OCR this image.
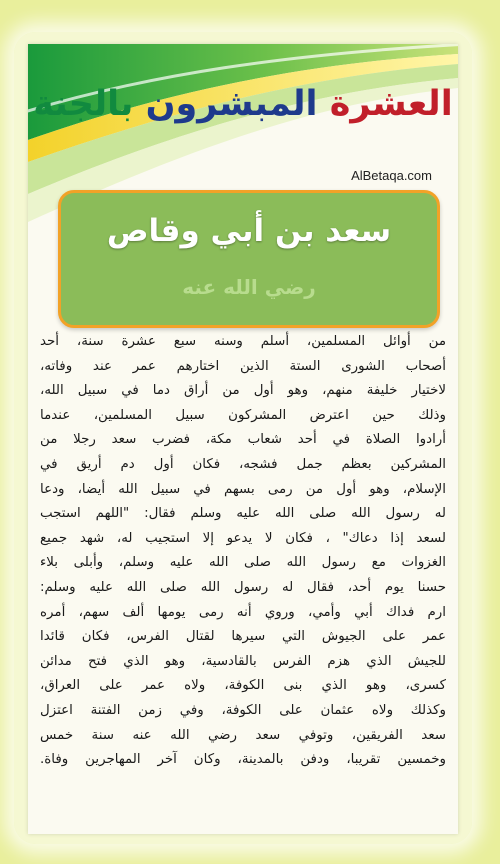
العشرة المبشرون بالجنة
AlBetaqa.com
سعد بن أبي وقاص
رضي الله عنه
من أوائل المسلمين، أسلم وسنه سبع عشرة سنة، أحد
أصحاب الشورى الستة الذين اختارهم عمر عند وفاته،
لاختيار خليفة منهم، وهو أول من أراق دما في سبيل الله،
وذلك حين اعترض المشركون سبيل المسلمين، عندما
أرادوا الصلاة في أحد شعاب مكة، فضرب سعد رجلا من
المشركين بعظم جمل فشجه، فكان أول دم أريق في
الإسلام، وهو أول من رمى بسهم في سبيل الله أيضا، ودعا
له رسول الله صلى الله عليه وسلم فقال: "اللهم استجب
لسعد إذا دعاك" ، فكان لا يدعو إلا استجيب له، شهد جميع
الغزوات مع رسول الله صلى الله عليه وسلم، وأبلى بلاء
حسنا يوم أحد، فقال له رسول الله صلى الله عليه وسلم:
ارم فداك أبي وأمي، وروي أنه رمى يومها ألف سهم، أمره
عمر على الجيوش التي سيرها لقتال الفرس، فكان قائدا
للجيش الذي هزم الفرس بالقادسية، وهو الذي فتح مدائن
كسرى، وهو الذي بنى الكوفة، ولاه عمر على العراق،
وكذلك ولاه عثمان على الكوفة، وفي زمن الفتنة اعتزل
سعد الفريقين، وتوفي سعد رضي الله عنه سنة خمس
وخمسين تقريبا، ودفن بالمدينة، وكان آخر المهاجرين وفاة.
